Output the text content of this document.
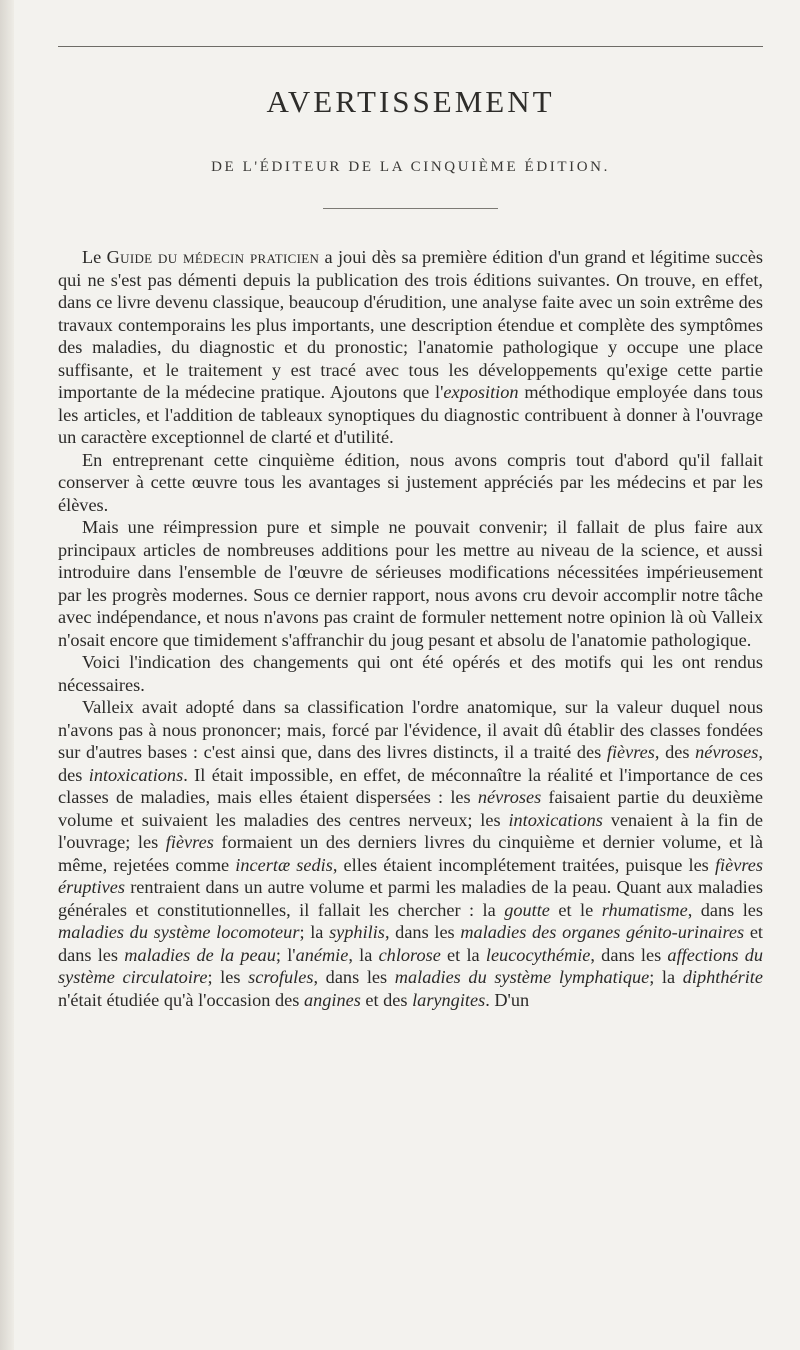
AVERTISSEMENT
DE L'ÉDITEUR DE LA CINQUIÈME ÉDITION.

Le Guide du médecin praticien a joui dès sa première édition d'un grand et légitime succès qui ne s'est pas démenti depuis la publication des trois éditions suivantes. On trouve, en effet, dans ce livre devenu classique, beaucoup d'érudition, une analyse faite avec un soin extrême des travaux contemporains les plus importants, une description étendue et complète des symptômes des maladies, du diagnostic et du pronostic; l'anatomie pathologique y occupe une place suffisante, et le traitement y est tracé avec tous les développements qu'exige cette partie importante de la médecine pratique. Ajoutons que l'exposition méthodique employée dans tous les articles, et l'addition de tableaux synoptiques du diagnostic contribuent à donner à l'ouvrage un caractère exceptionnel de clarté et d'utilité.

En entreprenant cette cinquième édition, nous avons compris tout d'abord qu'il fallait conserver à cette œuvre tous les avantages si justement appréciés par les médecins et par les élèves.

Mais une réimpression pure et simple ne pouvait convenir; il fallait de plus faire aux principaux articles de nombreuses additions pour les mettre au niveau de la science, et aussi introduire dans l'ensemble de l'œuvre de sérieuses modifications nécessitées impérieusement par les progrès modernes. Sous ce dernier rapport, nous avons cru devoir accomplir notre tâche avec indépendance, et nous n'avons pas craint de formuler nettement notre opinion là où Valleix n'osait encore que timidement s'affranchir du joug pesant et absolu de l'anatomie pathologique.

Voici l'indication des changements qui ont été opérés et des motifs qui les ont rendus nécessaires.

Valleix avait adopté dans sa classification l'ordre anatomique, sur la valeur duquel nous n'avons pas à nous prononcer; mais, forcé par l'évidence, il avait dû établir des classes fondées sur d'autres bases : c'est ainsi que, dans des livres distincts, il a traité des fièvres, des névroses, des intoxications. Il était impossible, en effet, de méconnaître la réalité et l'importance de ces classes de maladies, mais elles étaient dispersées : les névroses faisaient partie du deuxième volume et suivaient les maladies des centres nerveux; les intoxications venaient à la fin de l'ouvrage; les fièvres formaient un des derniers livres du cinquième et dernier volume, et là même, rejetées comme incertæ sedis, elles étaient incomplétement traitées, puisque les fièvres éruptives rentraient dans un autre volume et parmi les maladies de la peau. Quant aux maladies générales et constitutionnelles, il fallait les chercher : la goutte et le rhumatisme, dans les maladies du système locomoteur; la syphilis, dans les maladies des organes génito-urinaires et dans les maladies de la peau; l'anémie, la chlorose et la leucocythémie, dans les affections du système circulatoire; les scrofules, dans les maladies du système lymphatique; la diphthérite n'était étudiée qu'à l'occasion des angines et des laryngites. D'un
